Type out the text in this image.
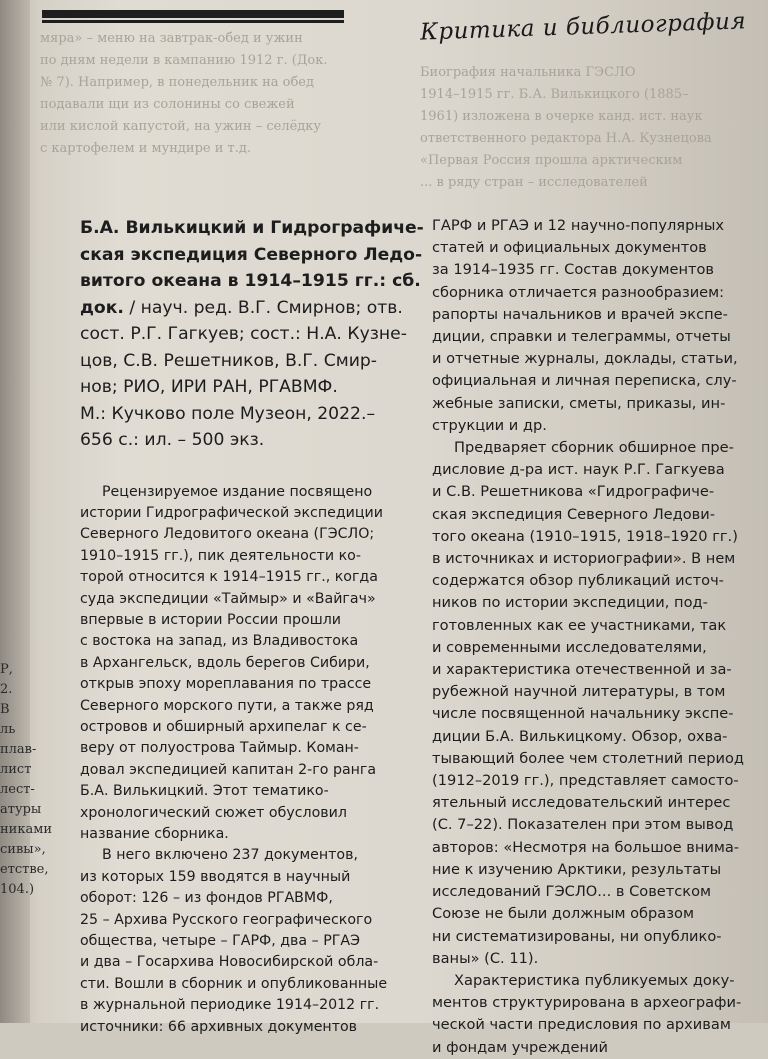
Р,
2.
В
ль
плав-
лист
лест-
атуры
никами
сивы»,
етстве,
104.)
Критика и библиография
мяра» – меню на завтрак-обед и ужин
по дням недели в кампанию 1912 г. (Док.
№ 7). Например, в понедельник на обед
подавали щи из солонины со свежей
или кислой капустой, на ужин – селёдку
с картофелем и мундире и т.д.
Биография начальника ГЭСЛО
1914–1915 гг. Б.А. Вилькицкого (1885–
1961) изложена в очерке канд. ист. наук
ответственного редактора Н.А. Кузнецова
«Первая Россия прошла арктическим
... в ряду стран – исследователей
Б.А. Вилькицкий и Гидрографиче-
ская экспедиция Северного Ледо-
витого океана в 1914–1915 гг.: сб.
док. / науч. ред. В.Г. Смирнов; отв.
сост. Р.Г. Гагкуев; сост.: Н.А. Кузне-
цов, С.В. Решетников, В.Г. Смир-
нов; РИО, ИРИ РАН, РГАВМФ.
М.: Кучково поле Музеон, 2022.–
656 с.: ил. – 500 экз.
Рецензируемое издание посвящено
истории Гидрографической экспедиции
Северного Ледовитого океана (ГЭСЛО;
1910–1915 гг.), пик деятельности ко-
торой относится к 1914–1915 гг., когда
суда экспедиции «Таймыр» и «Вайгач»
впервые в истории России прошли
с востока на запад, из Владивостока
в Архангельск, вдоль берегов Сибири,
открыв эпоху мореплавания по трассе
Северного морского пути, а также ряд
островов и обширный архипелаг к се-
веру от полуострова Таймыр. Коман-
довал экспедицией капитан 2-го ранга
Б.А. Вилькицкий. Этот тематико-
хронологический сюжет обусловил
название сборника.
В него включено 237 документов,
из которых 159 вводятся в научный
оборот: 126 – из фондов РГАВМФ,
25 – Архива Русского географического
общества, четыре – ГАРФ, два – РГАЭ
и два – Госархива Новосибирской обла-
сти. Вошли в сборник и опубликованные
в журнальной периодике 1914–2012 гг.
источники: 66 архивных документов
ГАРФ и РГАЭ и 12 научно-популярных
статей и официальных документов
за 1914–1935 гг. Состав документов
сборника отличается разнообразием:
рапорты начальников и врачей экспе-
диции, справки и телеграммы, отчеты
и отчетные журналы, доклады, статьи,
официальная и личная переписка, слу-
жебные записки, сметы, приказы, ин-
струкции и др.
Предваряет сборник обширное пре-
дисловие д-ра ист. наук Р.Г. Гагкуева
и С.В. Решетникова «Гидрографиче-
ская экспедиция Северного Ледови-
того океана (1910–1915, 1918–1920 гг.)
в источниках и историографии». В нем
содержатся обзор публикаций источ-
ников по истории экспедиции, под-
готовленных как ее участниками, так
и современными исследователями,
и характеристика отечественной и за-
рубежной научной литературы, в том
числе посвященной начальнику экспе-
диции Б.А. Вилькицкому. Обзор, охва-
тывающий более чем столетний период
(1912–2019 гг.), представляет самосто-
ятельный исследовательский интерес
(С. 7–22). Показателен при этом вывод
авторов: «Несмотря на большое внима-
ние к изучению Арктики, результаты
исследований ГЭСЛО... в Советском
Союзе не были должным образом
ни систематизированы, ни опублико-
ваны» (С. 11).
Характеристика публикуемых доку-
ментов структурирована в археографи-
ческой части предисловия по архивам
и фондам учреждений
